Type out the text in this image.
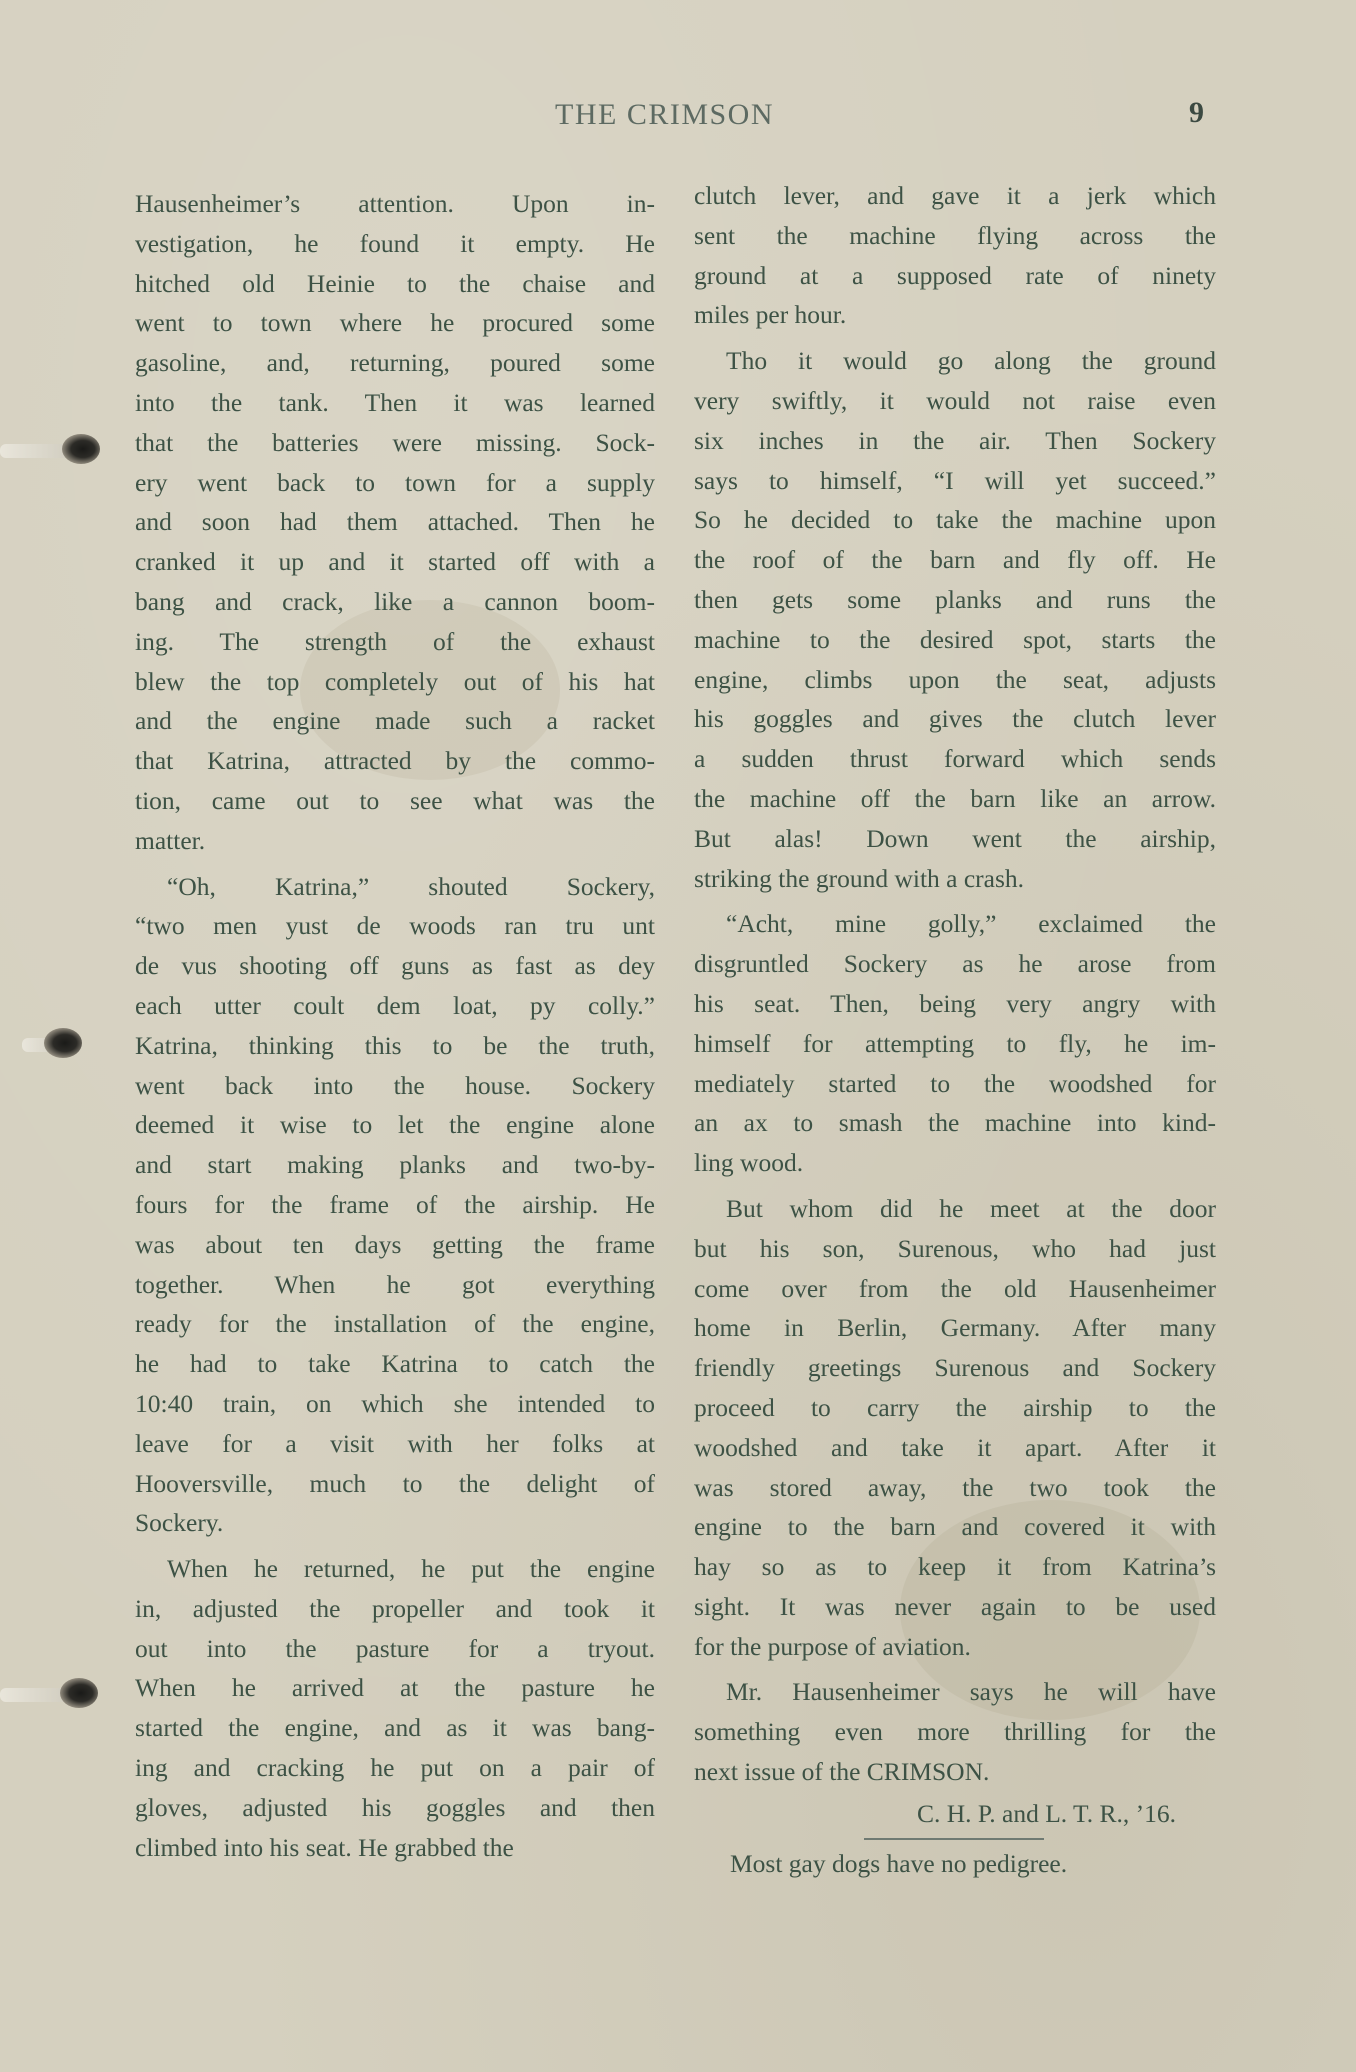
THE CRIMSON	9
Hausenheimer’s attention. Upon in-
vestigation, he found it empty. He
hitched old Heinie to the chaise and
went to town where he procured some
gasoline, and, returning, poured some
into the tank. Then it was learned
that the batteries were missing. Sock-
ery went back to town for a supply
and soon had them attached. Then he
cranked it up and it started off with a
bang and crack, like a cannon boom-
ing. The strength of the exhaust
blew the top completely out of his hat
and the engine made such a racket
that Katrina, attracted by the commo-
tion, came out to see what was the
matter.
“Oh, Katrina,” shouted Sockery,
“two men yust de woods ran tru unt
de vus shooting off guns as fast as dey
each utter coult dem loat, py colly.”
Katrina, thinking this to be the truth,
went back into the house. Sockery
deemed it wise to let the engine alone
and start making planks and two-by-
fours for the frame of the airship. He
was about ten days getting the frame
together. When he got everything
ready for the installation of the engine,
he had to take Katrina to catch the
10:40 train, on which she intended to
leave for a visit with her folks at
Hooversville, much to the delight of
Sockery.
When he returned, he put the engine
in, adjusted the propeller and took it
out into the pasture for a tryout.
When he arrived at the pasture he
started the engine, and as it was bang-
ing and cracking he put on a pair of
gloves, adjusted his goggles and then
climbed into his seat. He grabbed the
clutch lever, and gave it a jerk which
sent the machine flying across the
ground at a supposed rate of ninety
miles per hour.
Tho it would go along the ground
very swiftly, it would not raise even
six inches in the air. Then Sockery
says to himself, “I will yet succeed.”
So he decided to take the machine upon
the roof of the barn and fly off. He
then gets some planks and runs the
machine to the desired spot, starts the
engine, climbs upon the seat, adjusts
his goggles and gives the clutch lever
a sudden thrust forward which sends
the machine off the barn like an arrow.
But alas! Down went the airship,
striking the ground with a crash.
“Acht, mine golly,” exclaimed the
disgruntled Sockery as he arose from
his seat. Then, being very angry with
himself for attempting to fly, he im-
mediately started to the woodshed for
an ax to smash the machine into kind-
ling wood.
But whom did he meet at the door
but his son, Surenous, who had just
come over from the old Hausenheimer
home in Berlin, Germany. After many
friendly greetings Surenous and Sockery
proceed to carry the airship to the
woodshed and take it apart. After it
was stored away, the two took the
engine to the barn and covered it with
hay so as to keep it from Katrina’s
sight. It was never again to be used
for the purpose of aviation.
Mr. Hausenheimer says he will have
something even more thrilling for the
next issue of the CRIMSON.
C. H. P. and L. T. R., ’16.
Most gay dogs have no pedigree.
